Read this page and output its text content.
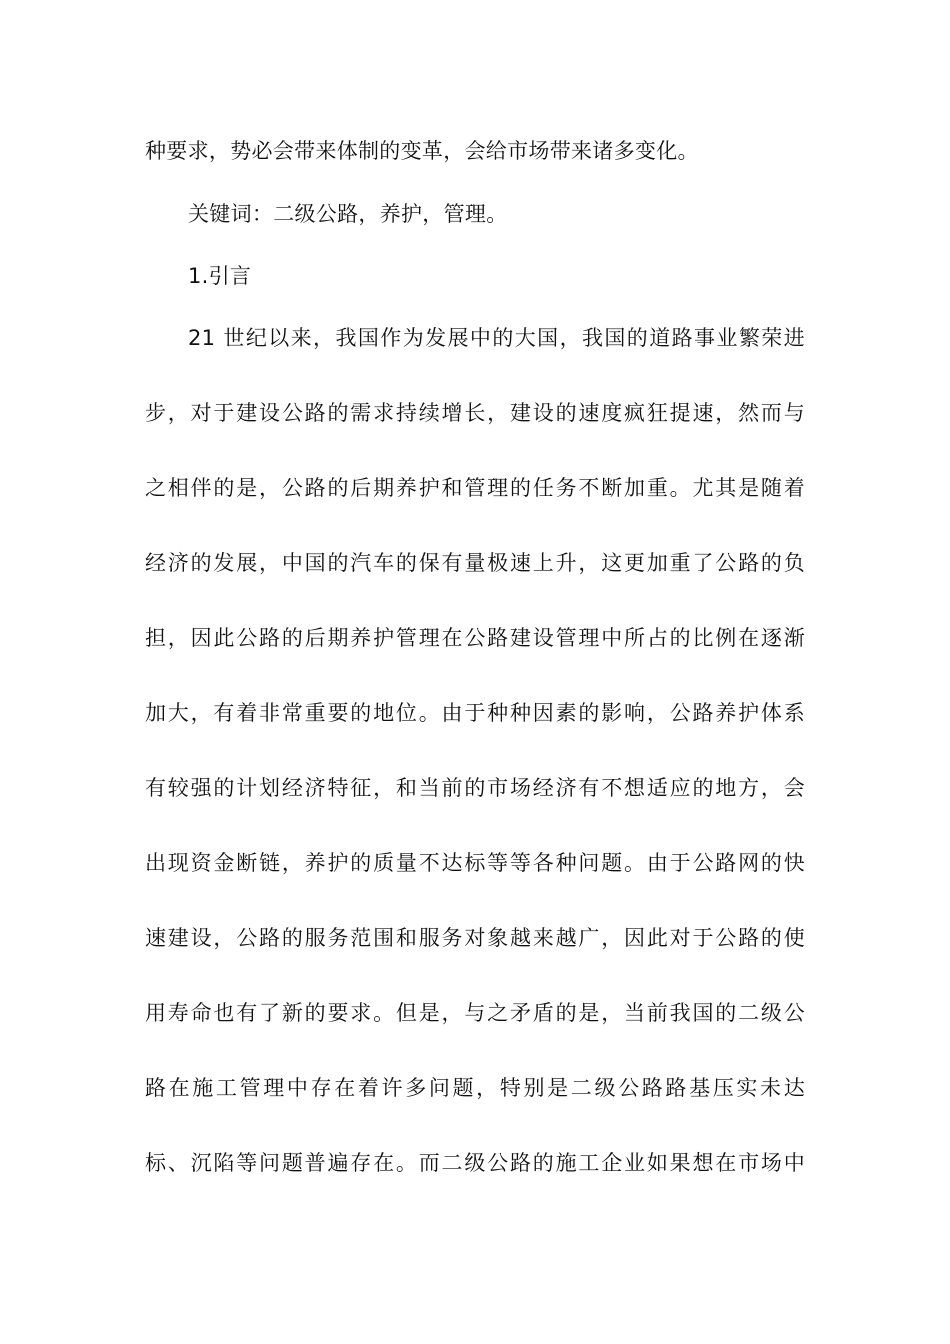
种要求，势必会带来体制的变革，会给市场带来诸多变化。
关键词：二级公路，养护，管理。
1.引言
21 世纪以来，我国作为发展中的大国，我国的道路事业繁荣进
步，对于建设公路的需求持续增长，建设的速度疯狂提速，然而与
之相伴的是，公路的后期养护和管理的任务不断加重。尤其是随着
经济的发展，中国的汽车的保有量极速上升，这更加重了公路的负
担，因此公路的后期养护管理在公路建设管理中所占的比例在逐渐
加大，有着非常重要的地位。由于种种因素的影响，公路养护体系
有较强的计划经济特征，和当前的市场经济有不想适应的地方，会
出现资金断链，养护的质量不达标等等各种问题。由于公路网的快
速建设，公路的服务范围和服务对象越来越广，因此对于公路的使
用寿命也有了新的要求。但是，与之矛盾的是，当前我国的二级公
路在施工管理中存在着许多问题，特别是二级公路路基压实未达
标、沉陷等问题普遍存在。而二级公路的施工企业如果想在市场中
